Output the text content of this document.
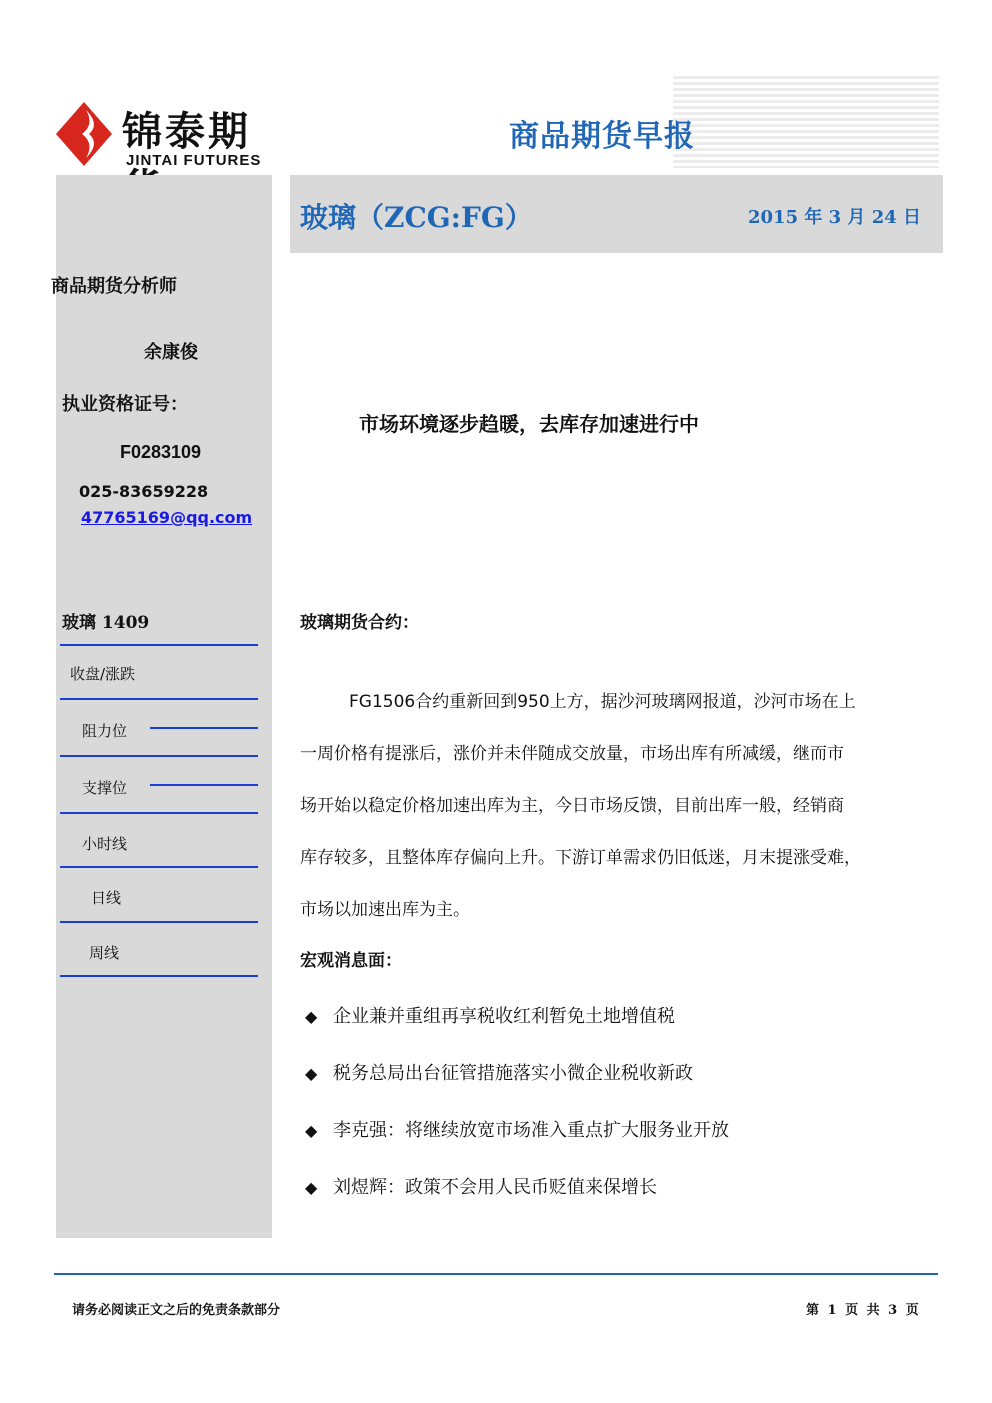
锦泰期
JINTAI FUTURES
商品期货早报
商品期货分析师
余康俊
执业资格证号：
F0283109
025-83659228
47765169@qq.com
玻璃 1409
收盘/涨跌
阻力位
支撑位
小时线
日线
周线
玻璃（ZCG:FG）	2015 年 3 月 24 日
市场环境逐步趋暖，去库存加速进行中
玻璃期货合约：
FG1506合约重新回到950上方，据沙河玻璃网报道，沙河市场在上
一周价格有提涨后，涨价并未伴随成交放量，市场出库有所减缓，继而市
场开始以稳定价格加速出库为主，今日市场反馈，目前出库一般，经销商
库存较多，且整体库存偏向上升。下游订单需求仍旧低迷，月末提涨受难，
市场以加速出库为主。
宏观消息面：
◆ 企业兼并重组再享税收红利暂免土地增值税
◆ 税务总局出台征管措施落实小微企业税收新政
◆ 李克强：将继续放宽市场准入重点扩大服务业开放
◆ 刘煜辉：政策不会用人民币贬值来保增长
请务必阅读正文之后的免责条款部分	第 1 页 共 3 页
